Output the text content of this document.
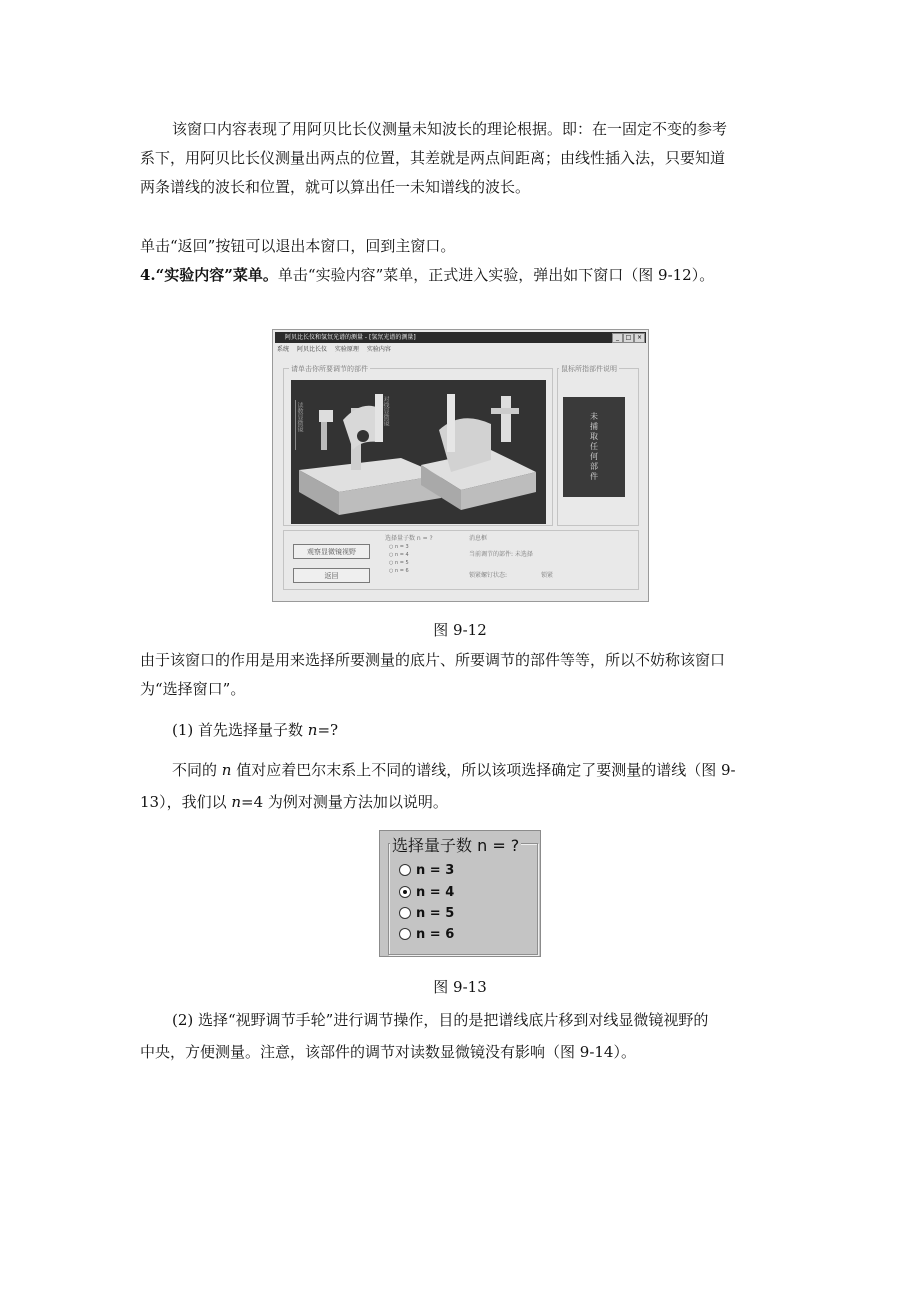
该窗口内容表现了用阿贝比长仪测量未知波长的理论根据。即：在一固定不变的参考
系下，用阿贝比长仪测量出两点的位置，其差就是两点间距离；由线性插入法，只要知道
两条谱线的波长和位置，就可以算出任一未知谱线的波长。
单击“返回”按钮可以退出本窗口，回到主窗口。
4.“实验内容”菜单。单击“实验内容”菜单，正式进入实验，弹出如下窗口（图 9-12）。
阿贝比长仪和氢氘光谱的测量 - [氢氘光谱的测量]	_	□ ×
系统 阿贝比长仪 实验原理 实验内容
请单击你所要调节的部件
读数显微镜	对线显微镜
鼠标所指部件说明
未捕取任何部件
观察显微镜视野
返回
选择量子数 n = ?
○ n = 3
○ n = 4
○ n = 5
○ n = 6
消息框
当前调节的部件: 未选择
锁紧螺钉状态:	锁紧
图 9-12
由于该窗口的作用是用来选择所要测量的底片、所要调节的部件等等，所以不妨称该窗口
为“选择窗口”。
(1) 首先选择量子数 n=?
不同的 n 值对应着巴尔末系上不同的谱线，所以该项选择确定了要测量的谱线（图 9-
13），我们以 n=4 为例对测量方法加以说明。
选择量子数 n = ?
n = 3
n = 4
n = 5
n = 6
图 9-13
(2) 选择“视野调节手轮”进行调节操作，目的是把谱线底片移到对线显微镜视野的
中央，方便测量。注意，该部件的调节对读数显微镜没有影响（图 9-14）。
